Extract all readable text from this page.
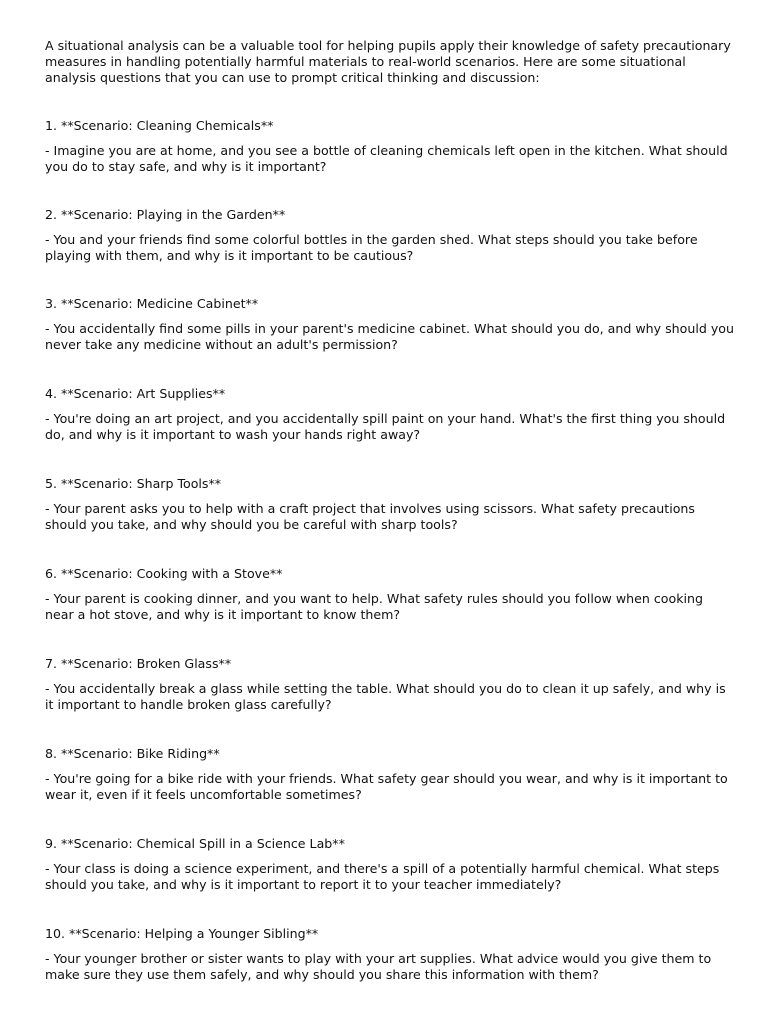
A situational analysis can be a valuable tool for helping pupils apply their knowledge of safety precautionary measures in handling potentially harmful materials to real-world scenarios. Here are some situational analysis questions that you can use to prompt critical thinking and discussion:

1. **Scenario: Cleaning Chemicals**

- Imagine you are at home, and you see a bottle of cleaning chemicals left open in the kitchen. What should you do to stay safe, and why is it important?

2. **Scenario: Playing in the Garden**

- You and your friends find some colorful bottles in the garden shed. What steps should you take before playing with them, and why is it important to be cautious?

3. **Scenario: Medicine Cabinet**

- You accidentally find some pills in your parent's medicine cabinet. What should you do, and why should you never take any medicine without an adult's permission?

4. **Scenario: Art Supplies**

- You're doing an art project, and you accidentally spill paint on your hand. What's the first thing you should do, and why is it important to wash your hands right away?

5. **Scenario: Sharp Tools**

- Your parent asks you to help with a craft project that involves using scissors. What safety precautions should you take, and why should you be careful with sharp tools?

6. **Scenario: Cooking with a Stove**

- Your parent is cooking dinner, and you want to help. What safety rules should you follow when cooking near a hot stove, and why is it important to know them?

7. **Scenario: Broken Glass**

- You accidentally break a glass while setting the table. What should you do to clean it up safely, and why is it important to handle broken glass carefully?

8. **Scenario: Bike Riding**

- You're going for a bike ride with your friends. What safety gear should you wear, and why is it important to wear it, even if it feels uncomfortable sometimes?

9. **Scenario: Chemical Spill in a Science Lab**

- Your class is doing a science experiment, and there's a spill of a potentially harmful chemical. What steps should you take, and why is it important to report it to your teacher immediately?

10. **Scenario: Helping a Younger Sibling**

- Your younger brother or sister wants to play with your art supplies. What advice would you give them to make sure they use them safely, and why should you share this information with them?
